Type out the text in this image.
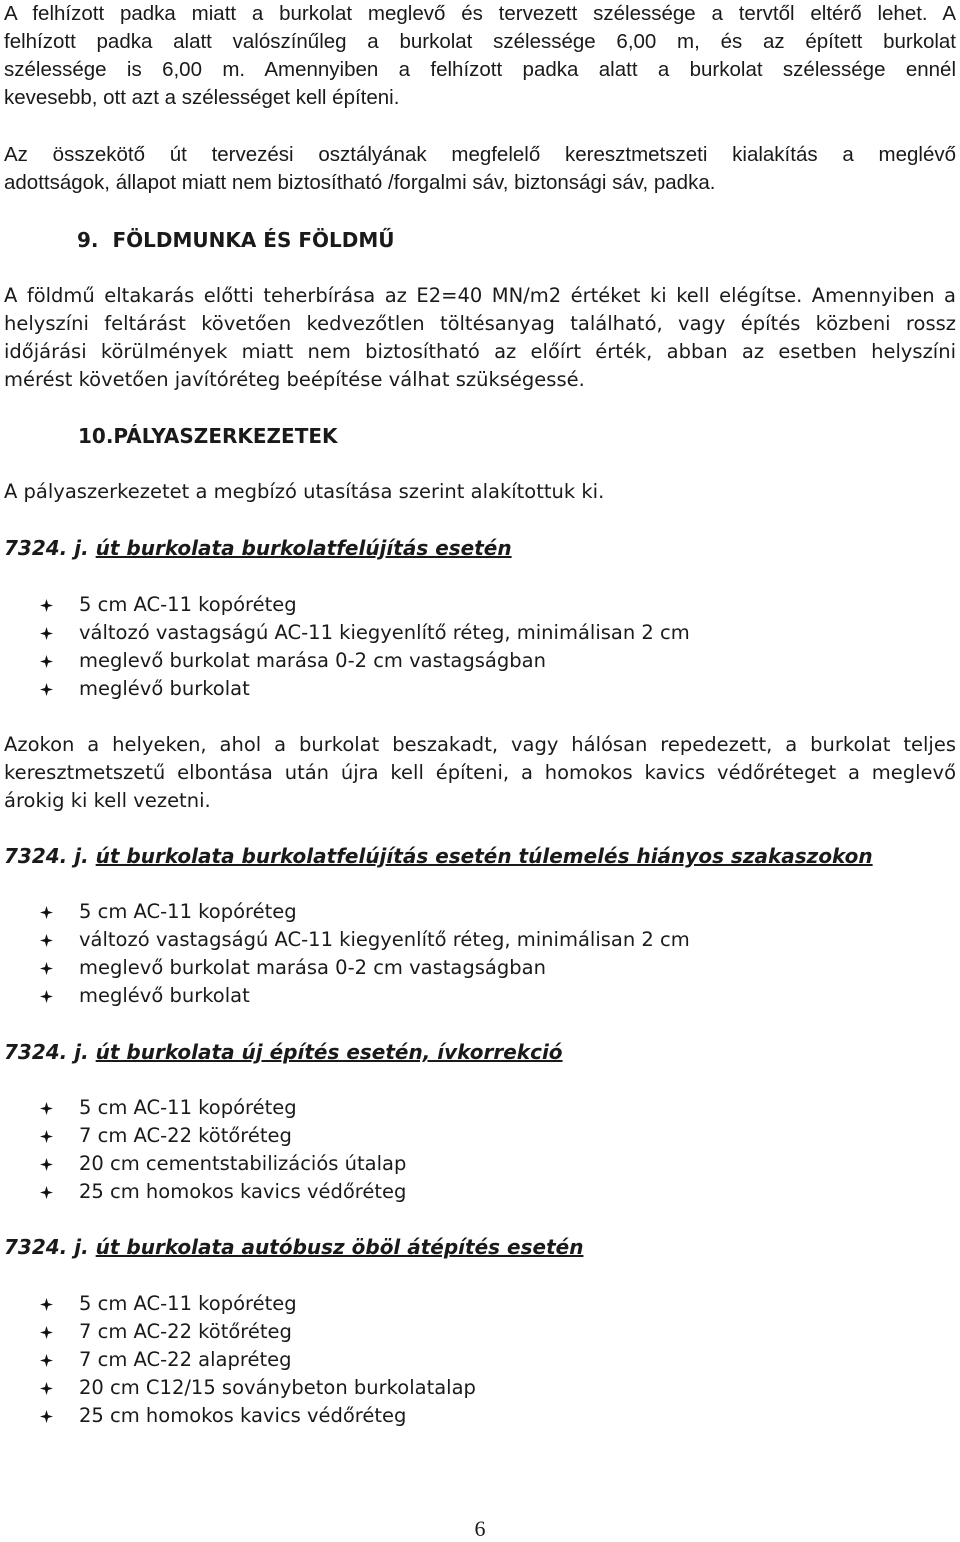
A felhízott padka miatt a burkolat meglevő és tervezett szélessége a tervtől eltérő lehet. A
felhízott padka alatt valószínűleg a burkolat szélessége 6,00 m, és az épített burkolat
szélessége is 6,00 m. Amennyiben a felhízott padka alatt a burkolat szélessége ennél
kevesebb, ott azt a szélességet kell építeni.
Az összekötő út tervezési osztályának megfelelő keresztmetszeti kialakítás a meglévő
adottságok, állapot miatt nem biztosítható /forgalmi sáv, biztonsági sáv, padka.
9. FÖLDMUNKA ÉS FÖLDMŰ
A földmű eltakarás előtti teherbírása az E2=40 MN/m2 értéket ki kell elégítse. Amennyiben a
helyszíni feltárást követően kedvezőtlen töltésanyag található, vagy építés közbeni rossz
időjárási körülmények miatt nem biztosítható az előírt érték, abban az esetben helyszíni
mérést követően javítóréteg beépítése válhat szükségessé.
10.PÁLYASZERKEZETEK
A pályaszerkezetet a megbízó utasítása szerint alakítottuk ki.
7324. j. út burkolata burkolatfelújítás esetén
5 cm AC-11 kopóréteg
változó vastagságú AC-11 kiegyenlítő réteg, minimálisan 2 cm
meglevő burkolat marása 0-2 cm vastagságban
meglévő burkolat
Azokon a helyeken, ahol a burkolat beszakadt, vagy hálósan repedezett, a burkolat teljes
keresztmetszetű elbontása után újra kell építeni, a homokos kavics védőréteget a meglevő
árokig ki kell vezetni.
7324. j. út burkolata burkolatfelújítás esetén túlemelés hiányos szakaszokon
5 cm AC-11 kopóréteg
változó vastagságú AC-11 kiegyenlítő réteg, minimálisan 2 cm
meglevő burkolat marása 0-2 cm vastagságban
meglévő burkolat
7324. j. út burkolata új építés esetén, ívkorrekció
5 cm AC-11 kopóréteg
7 cm AC-22 kötőréteg
20 cm cementstabilizációs útalap
25 cm homokos kavics védőréteg
7324. j. út burkolata autóbusz öböl átépítés esetén
5 cm AC-11 kopóréteg
7 cm AC-22 kötőréteg
7 cm AC-22 alapréteg
20 cm C12/15 soványbeton burkolatalap
25 cm homokos kavics védőréteg
6
